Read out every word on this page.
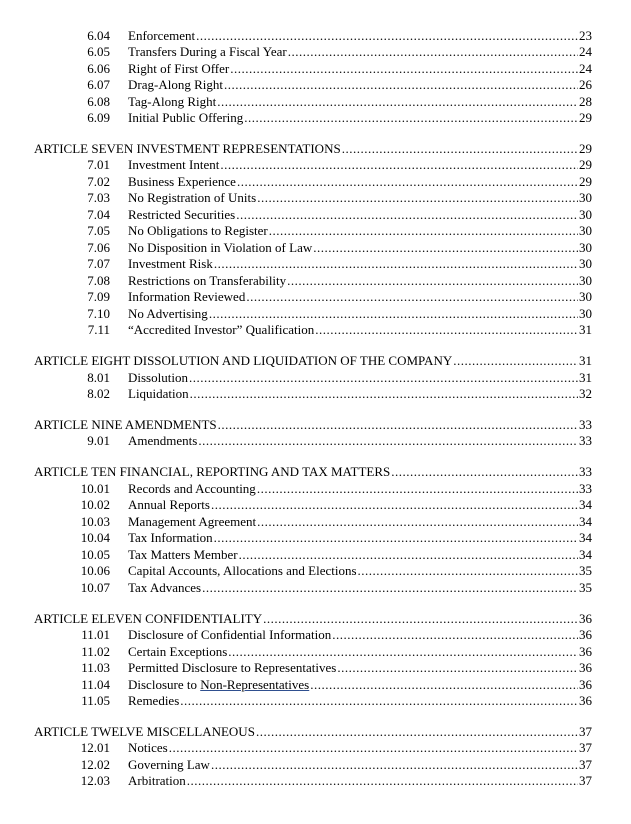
6.04 Enforcement .....	23
6.05 Transfers During a Fiscal Year .....	24
6.06 Right of First Offer .....	24
6.07 Drag-Along Right .....	26
6.08 Tag-Along Right .....	28
6.09 Initial Public Offering .....	29
ARTICLE SEVEN INVESTMENT REPRESENTATIONS .....	29
7.01 Investment Intent .....	29
7.02 Business Experience .....	29
7.03 No Registration of Units .....	30
7.04 Restricted Securities .....	30
7.05 No Obligations to Register .....	30
7.06 No Disposition in Violation of Law .....	30
7.07 Investment Risk .....	30
7.08 Restrictions on Transferability .....	30
7.09 Information Reviewed .....	30
7.10 No Advertising .....	30
7.11 “Accredited Investor” Qualification .....	31
ARTICLE EIGHT DISSOLUTION AND LIQUIDATION OF THE COMPANY .....	31
8.01 Dissolution .....	31
8.02 Liquidation .....	32
ARTICLE NINE AMENDMENTS .....	33
9.01 Amendments .....	33
ARTICLE TEN FINANCIAL, REPORTING AND TAX MATTERS .....	33
10.01 Records and Accounting .....	33
10.02 Annual Reports .....	34
10.03 Management Agreement .....	34
10.04 Tax Information .....	34
10.05 Tax Matters Member .....	34
10.06 Capital Accounts, Allocations and Elections .....	35
10.07 Tax Advances .....	35
ARTICLE ELEVEN CONFIDENTIALITY .....	36
11.01 Disclosure of Confidential Information .....	36
11.02 Certain Exceptions .....	36
11.03 Permitted Disclosure to Representatives .....	36
11.04 Disclosure to Non-Representatives .....	36
11.05 Remedies .....	36
ARTICLE TWELVE MISCELLANEOUS .....	37
12.01 Notices .....	37
12.02 Governing Law .....	37
12.03 Arbitration .....	37
